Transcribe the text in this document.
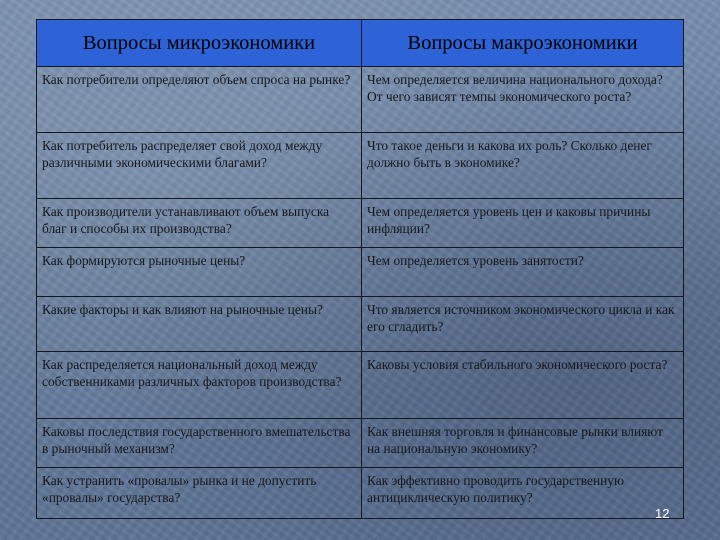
Вопросы микроэкономики	Вопросы макроэкономики
Как потребители определяют объем спроса на рынке?	Чем определяется величина национального дохода? От чего зависят темпы экономического роста?
Как потребитель распределяет свой доход между различными экономическими благами?	Что такое деньги и какова их роль? Сколько денег должно быть в экономике?
Как производители устанавливают объем выпуска благ и способы их производства?	Чем определяется уровень цен и каковы причины инфляции?
Как формируются рыночные цены?	Чем определяется уровень занятости?
Какие факторы и как влияют на рыночные цены?	Что является источником экономического цикла и как его сгладить?
Как распределяется национальный доход между собственниками различных факторов производства?	Каковы условия стабильного экономического роста?
Каковы последствия государственного вмешательства в рыночный механизм?	Как внешняя торговля и финансовые рынки влияют на национальную экономику?
Как устранить «провалы» рынка и не допустить «провалы» государства?	Как эффективно проводить государственную антициклическую политику?
12
